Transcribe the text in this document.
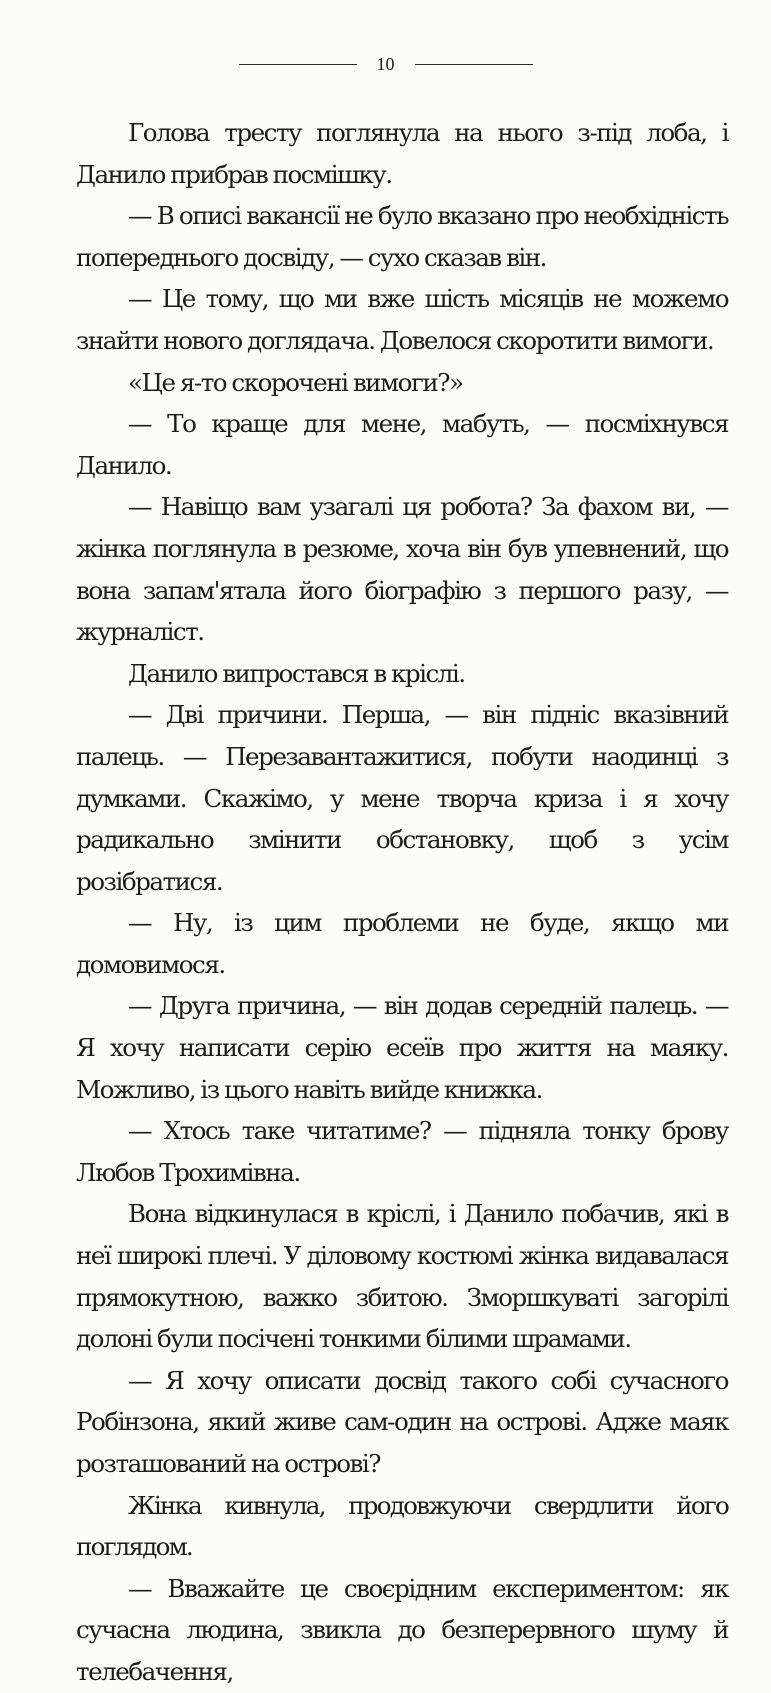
10

Голова тресту поглянула на нього з-під лоба, і Данило прибрав посмішку.

— В описі вакансії не було вказано про необхідність попереднього досвіду, — сухо сказав він.

— Це тому, що ми вже шість місяців не можемо знайти нового доглядача. Довелося скоротити вимоги.

«Це я-то скорочені вимоги?»

— То краще для мене, мабуть, — посміхнувся Данило.

— Навіщо вам узагалі ця робота? За фахом ви, — жінка поглянула в резюме, хоча він був упевнений, що вона запам'ятала його біографію з першого разу, — журналіст.

Данило випростався в кріслі.

— Дві причини. Перша, — він підніс вказівний палець. — Перезавантажитися, побути наодинці з думками. Скажімо, у мене творча криза і я хочу радикально змінити обстановку, щоб з усім розібратися.

— Ну, із цим проблеми не буде, якщо ми домовимося.

— Друга причина, — він додав середній палець. — Я хочу написати серію есеїв про життя на маяку. Можливо, із цього навіть вийде книжка.

— Хтось таке читатиме? — підняла тонку брову Любов Трохимівна.

Вона відкинулася в кріслі, і Данило побачив, які в неї широкі плечі. У діловому костюмі жінка видавалася прямокутною, важко збитою. Зморшкуваті загорілі долоні були посічені тонкими білими шрамами.

— Я хочу описати досвід такого собі сучасного Робінзона, який живе сам-один на острові. Адже маяк розташований на острові?

Жінка кивнула, продовжуючи свердлити його поглядом.

— Вважайте це своєрідним експериментом: як сучасна людина, звикла до безперервного шуму й телебачення,
